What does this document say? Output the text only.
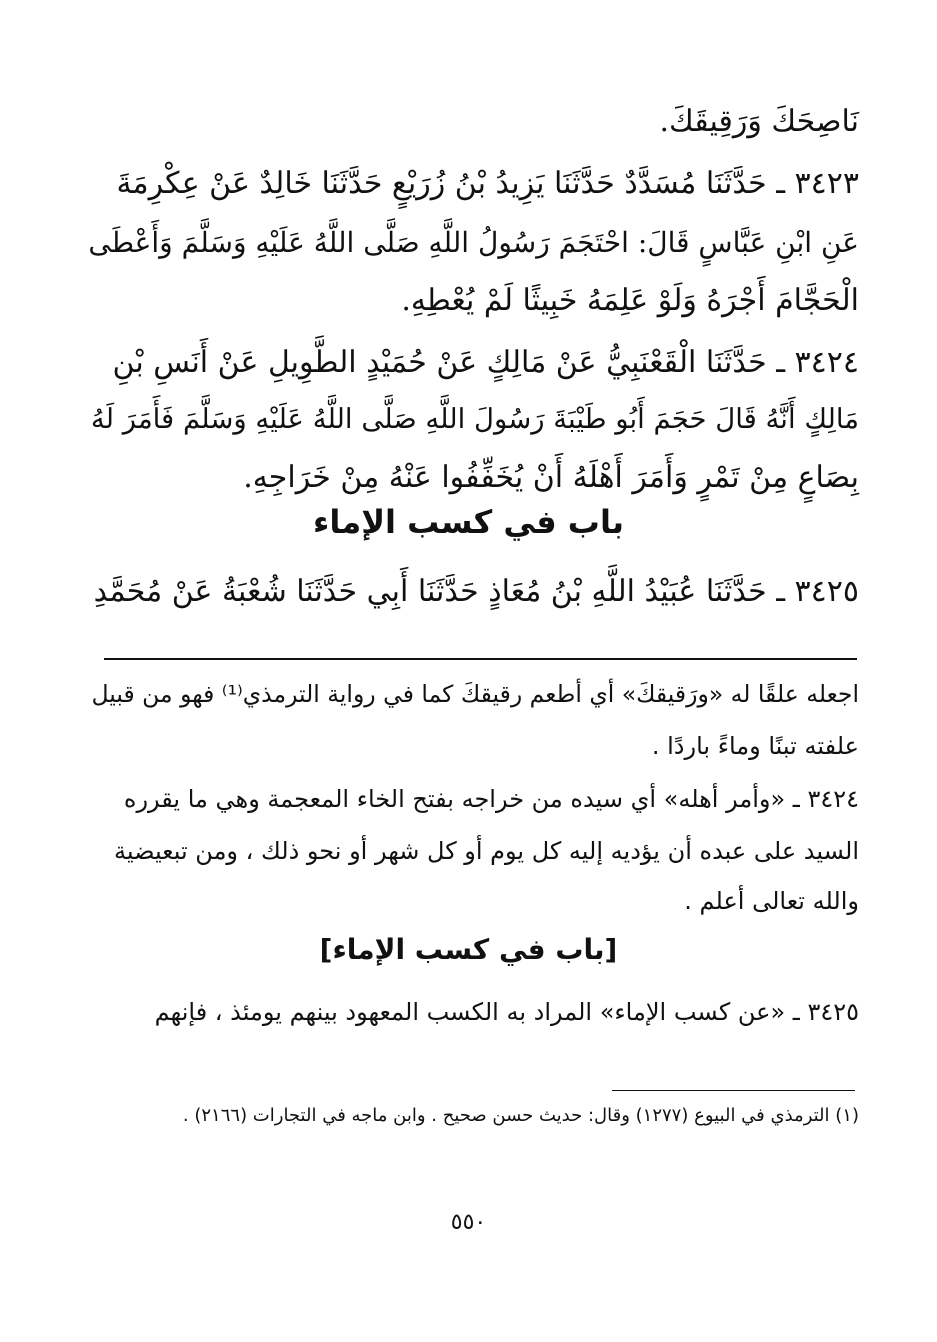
نَاصِحَكَ وَرَقِيقَكَ.
٣٤٢٣ ـ حَدَّثَنَا مُسَدَّدٌ حَدَّثَنَا يَزِيدُ بْنُ زُرَيْعٍ حَدَّثَنَا خَالِدٌ عَنْ عِكْرِمَةَ
عَنِ ابْنِ عَبَّاسٍ قَالَ: احْتَجَمَ رَسُولُ اللَّهِ صَلَّى اللَّهُ عَلَيْهِ وَسَلَّمَ وَأَعْطَى
الْحَجَّامَ أَجْرَهُ وَلَوْ عَلِمَهُ خَبِيثًا لَمْ يُعْطِهِ.
٣٤٢٤ ـ حَدَّثَنَا الْقَعْنَبِيُّ عَنْ مَالِكٍ عَنْ حُمَيْدٍ الطَّوِيلِ عَنْ أَنَسِ بْنِ
مَالِكٍ أَنَّهُ قَالَ حَجَمَ أَبُو طَيْبَةَ رَسُولَ اللَّهِ صَلَّى اللَّهُ عَلَيْهِ وَسَلَّمَ فَأَمَرَ لَهُ
بِصَاعٍ مِنْ تَمْرٍ وَأَمَرَ أَهْلَهُ أَنْ يُخَفِّفُوا عَنْهُ مِنْ خَرَاجِهِ.
باب في كسب الإماء
٣٤٢٥ ـ حَدَّثَنَا عُبَيْدُ اللَّهِ بْنُ مُعَاذٍ حَدَّثَنَا أَبِي حَدَّثَنَا شُعْبَةُ عَنْ مُحَمَّدِ
اجعله علقًا له «ورَقيقكَ» أي أطعم رقيقكَ كما في رواية الترمذي⁽¹⁾ فهو من قبيل
علفته تبنًا وماءً باردًا .
٣٤٢٤ ـ «وأمر أهله» أي سيده من خراجه بفتح الخاء المعجمة وهي ما يقرره
السيد على عبده أن يؤديه إليه كل يوم أو كل شهر أو نحو ذلك ، ومن تبعيضية
والله تعالى أعلم .
[باب في كسب الإماء]
٣٤٢٥ ـ «عن كسب الإماء» المراد به الكسب المعهود بينهم يومئذ ، فإنهم
(١) الترمذي في البيوع (١٢٧٧) وقال: حديث حسن صحيح . وابن ماجه في التجارات (٢١٦٦) .
٥٥٠
